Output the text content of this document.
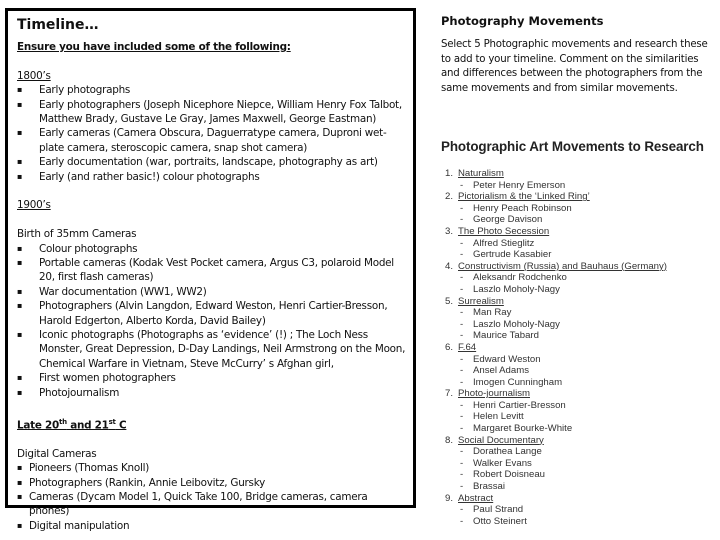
Timeline…
Ensure you have included some of the following:
1800’s
▪ Early photographs
▪ Early photographers (Joseph Nicephore Niepce, William Henry Fox Talbot, Matthew Brady, Gustave Le Gray, James Maxwell, George Eastman)
▪ Early cameras (Camera Obscura, Daguerratype camera, Duproni wet-plate camera, steroscopic camera, snap shot camera)
▪ Early documentation (war, portraits, landscape, photography as art)
▪ Early (and rather basic!) colour photographs
1900’s
Birth of 35mm Cameras
▪ Colour photographs
▪ Portable cameras (Kodak Vest Pocket camera, Argus C3, polaroid Model 20, first flash cameras)
▪ War documentation (WW1, WW2)
▪ Photographers (Alvin Langdon, Edward Weston, Henri Cartier-Bresson, Harold Edgerton, Alberto Korda, David Bailey)
▪ Iconic photographs (Photographs as ‘evidence’ (!) ; The Loch Ness Monster, Great Depression, D-Day Landings, Neil Armstrong on the Moon, Chemical Warfare in Vietnam, Steve McCurry’ s Afghan girl,
▪ First women photographers
▪ Photojournalism
Late 20th and 21st C
Digital Cameras
▪ Pioneers (Thomas Knoll)
▪ Photographers (Rankin, Annie Leibovitz, Gursky
▪ Cameras (Dycam Model 1, Quick Take 100, Bridge cameras, camera phones)
▪ Digital manipulation
Photography Movements
Select 5 Photographic movements and research these to add to your timeline. Comment on the similarities and differences between the photographers from the same movements and from similar movements.
Photographic Art Movements to Research
1. Naturalism
- Peter Henry Emerson
2. Pictorialism & the ‘Linked Ring’
- Henry Peach Robinson
- George Davison
3. The Photo Secession
- Alfred Stieglitz
- Gertrude Kasabier
4. Constructivism (Russia) and Bauhaus (Germany)
- Aleksandr Rodchenko
- Laszlo Moholy-Nagy
5. Surrealism
- Man Ray
- Laszlo Moholy-Nagy
- Maurice Tabard
6. F.64
- Edward Weston
- Ansel Adams
- Imogen Cunningham
7. Photo-journalism
- Henri Cartier-Bresson
- Helen Levitt
- Margaret Bourke-White
8. Social Documentary
- Dorathea Lange
- Walker Evans
- Robert Doisneau
- Brassai
9. Abstract
- Paul Strand
- Otto Steinert
